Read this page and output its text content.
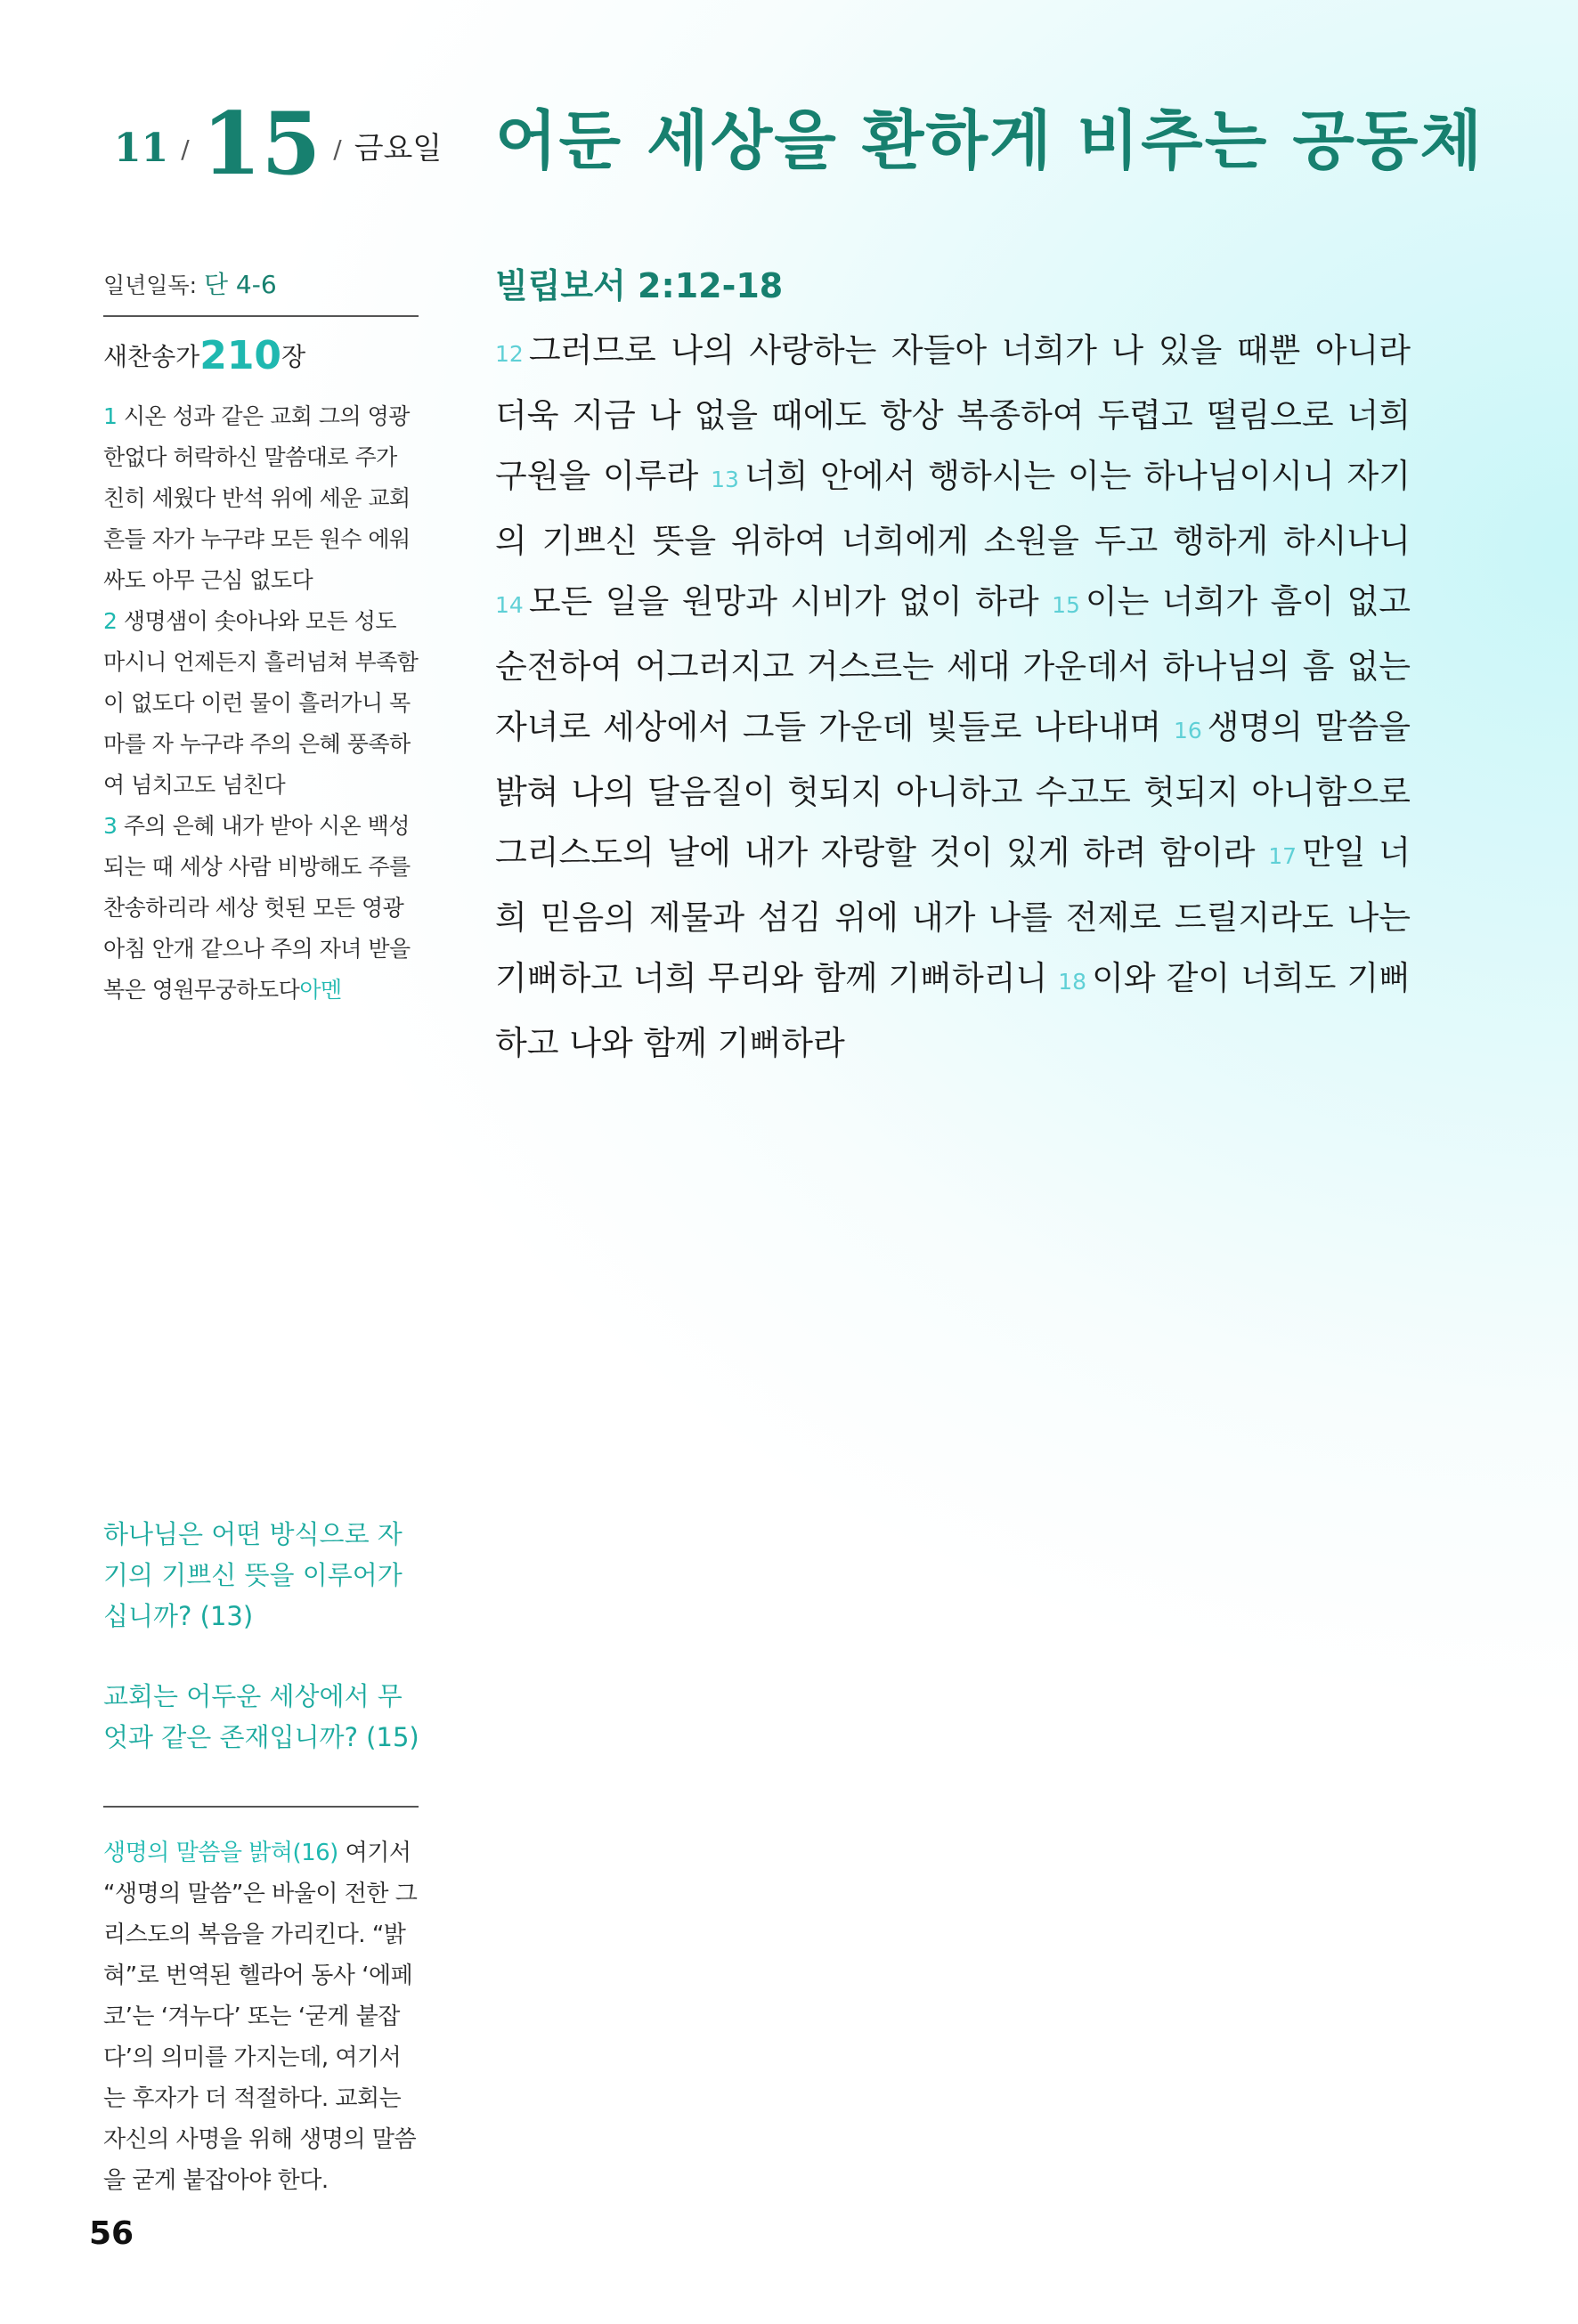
11 / 15 / 금요일 어둔 세상을 환하게 비추는 공동체
일년일독: 단 4-6
새찬송가210장
1 시온 성과 같은 교회 그의 영광 한없다 허락하신 말씀대로 주가 친히 세웠다 반석 위에 세운 교회 흔들 자가 누구랴 모든 원수 에워 싸도 아무 근심 없도다
2 생명샘이 솟아나와 모든 성도 마시니 언제든지 흘러넘쳐 부족함이 없도다 이런 물이 흘러가니 목마를 자 누구랴 주의 은혜 풍족하여 넘치고도 넘친다
3 주의 은혜 내가 받아 시온 백성 되는 때 세상 사람 비방해도 주를 찬송하리라 세상 헛된 모든 영광 아침 안개 같으나 주의 자녀 받을 복은 영원무궁하도다아멘
하나님은 어떤 방식으로 자기의 기쁘신 뜻을 이루어가십니까? (13)
교회는 어두운 세상에서 무엇과 같은 존재입니까? (15)
생명의 말씀을 밝혀(16) 여기서 “생명의 말씀”은 바울이 전한 그리스도의 복음을 가리킨다. “밝혀”로 번역된 헬라어 동사 ‘에페코’는 ‘겨누다’ 또는 ‘굳게 붙잡다’의 의미를 가지는데, 여기서는 후자가 더 적절하다. 교회는 자신의 사명을 위해 생명의 말씀을 굳게 붙잡아야 한다.
56
빌립보서 2:12-18
12 그러므로 나의 사랑하는 자들아 너희가 나 있을 때뿐 아니라 더욱 지금 나 없을 때에도 항상 복종하여 두렵고 떨림으로 너희 구원을 이루라 13 너희 안에서 행하시는 이는 하나님이시니 자기의 기쁘신 뜻을 위하여 너희에게 소원을 두고 행하게 하시나니 14 모든 일을 원망과 시비가 없이 하라 15 이는 너희가 흠이 없고 순전하여 어그러지고 거스르는 세대 가운데서 하나님의 흠 없는 자녀로 세상에서 그들 가운데 빛들로 나타내며 16 생명의 말씀을 밝혀 나의 달음질이 헛되지 아니하고 수고도 헛되지 아니함으로 그리스도의 날에 내가 자랑할 것이 있게 하려 함이라 17 만일 너희 믿음의 제물과 섬김 위에 내가 나를 전제로 드릴지라도 나는 기뻐하고 너희 무리와 함께 기뻐하리니 18 이와 같이 너희도 기뻐하고 나와 함께 기뻐하라
